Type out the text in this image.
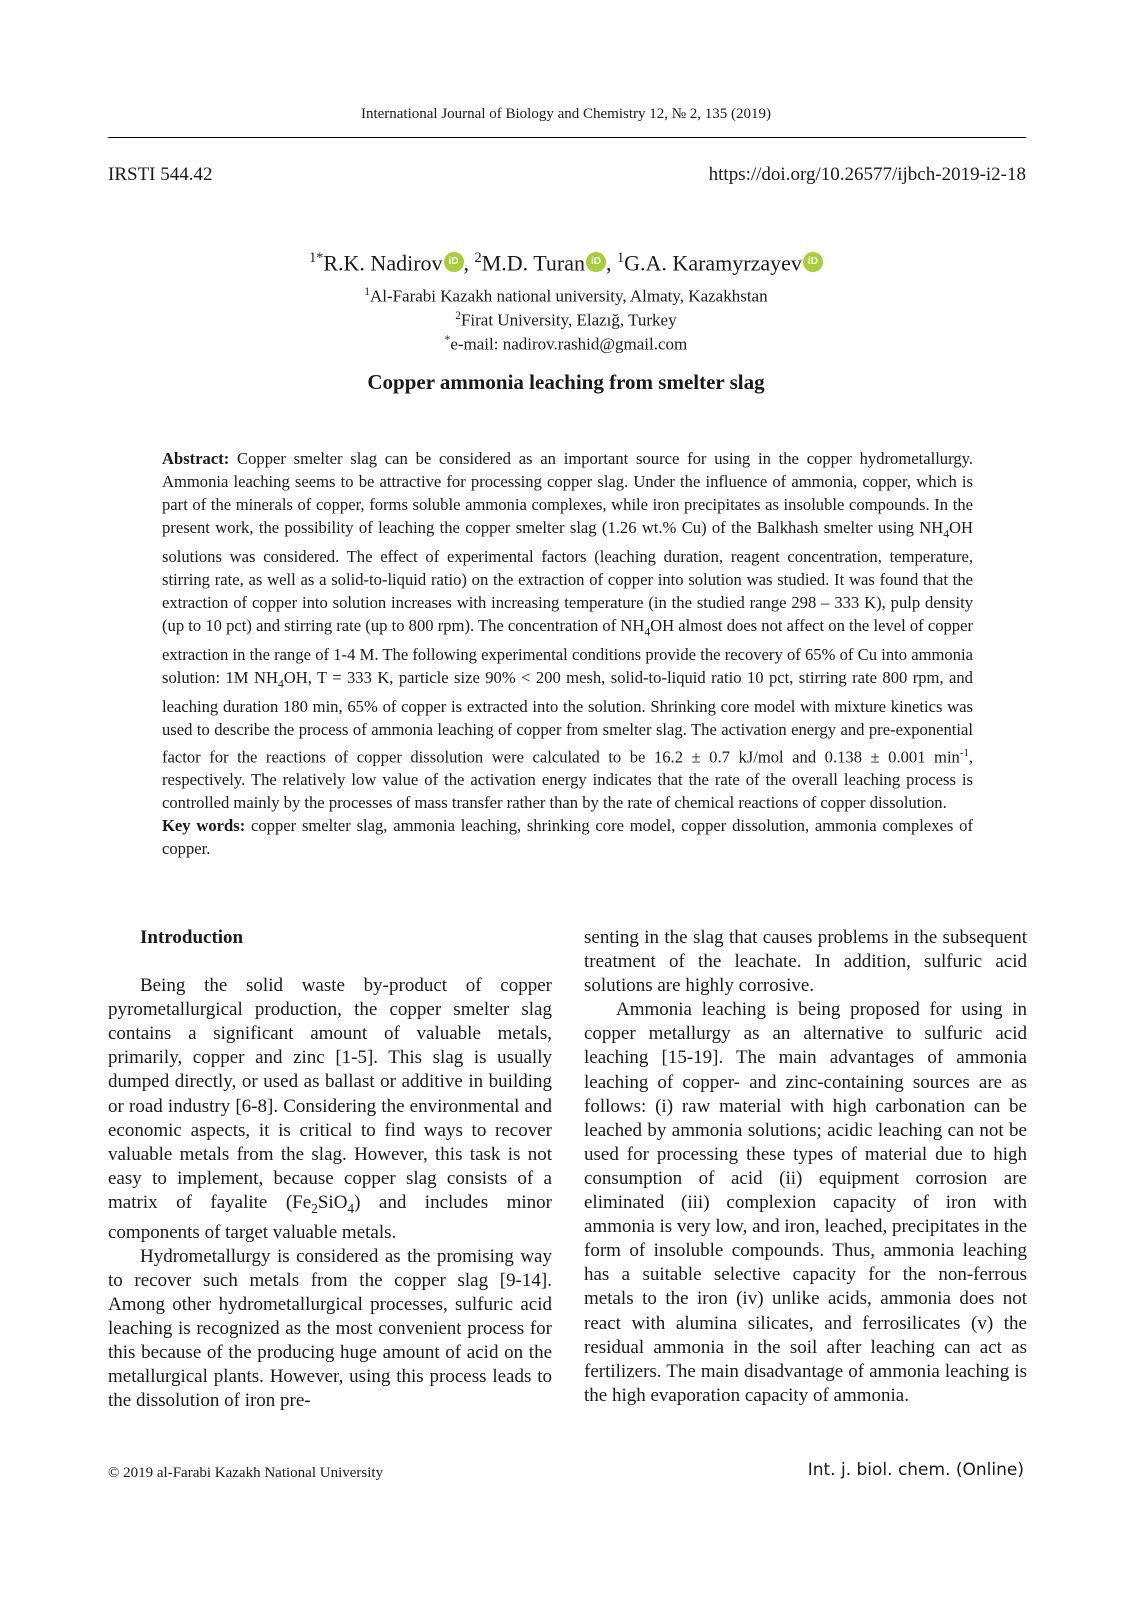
International Journal of Biology and Chemistry 12, № 2, 135 (2019)
IRSTI 544.42	https://doi.org/10.26577/ijbch-2019-i2-18
$^{1*}$R.K. Nadirov iD , $^2$M.D. Turan iD , $^1$G.A. Karamyrzayev iD
$^1$Al-Farabi Kazakh national university, Almaty, Kazakhstan
$^2$Firat University, Elazığ, Turkey
*e-mail: nadirov.rashid@gmail.com
Copper ammonia leaching from smelter slag

Abstract: Copper smelter slag can be considered as an important source for using in the copper hydrometallurgy. Ammonia leaching seems to be attractive for processing copper slag. Under the influence of ammonia, copper, which is part of the minerals of copper, forms soluble ammonia complexes, while iron precipitates as insoluble compounds. In the present work, the possibility of leaching the copper smelter slag (1.26 wt.% Cu) of the Balkhash smelter using $NH_4OH$ solutions was considered. The effect of experimental factors (leaching duration, reagent concentration, temperature, stirring rate, as well as a solid-to-liquid ratio) on the extraction of copper into solution was studied. It was found that the extraction of copper into solution increases with increasing temperature (in the studied range 298 – 333 K), pulp density (up to 10 pct) and stirring rate (up to 800 rpm). The concentration of $NH_4OH$ almost does not affect on the level of copper extraction in the range of 1-4 M. The following experimental conditions provide the recovery of 65% of Cu into ammonia solution: 1M $NH_4OH$, T = 333 K, particle size 90% < 200 mesh, solid-to-liquid ratio 10 pct, stirring rate 800 rpm, and leaching duration 180 min, 65% of copper is extracted into the solution. Shrinking core model with mixture kinetics was used to describe the process of ammonia leaching of copper from smelter slag. The activation energy and pre-exponential factor for the reactions of copper dissolution were calculated to be 16.2 ± 0.7 kJ/mol and 0.138 ± 0.001 $\min^{-1}$, respectively. The relatively low value of the activation energy indicates that the rate of the overall leaching process is controlled mainly by the processes of mass transfer rather than by the rate of chemical reactions of copper dissolution.

Key words: copper smelter slag, ammonia leaching, shrinking core model, copper dissolution, ammonia complexes of copper.

Introduction

Being the solid waste by-product of copper pyrometallurgical production, the copper smelter slag contains a significant amount of valuable metals, primarily, copper and zinc [1-5]. This slag is usually dumped directly, or used as ballast or additive in building or road industry [6-8]. Considering the environmental and economic aspects, it is critical to find ways to recover valuable metals from the slag. However, this task is not easy to implement, because copper slag consists of a matrix of fayalite $(Fe_2SiO_4)$ and includes minor components of target valuable metals.

Hydrometallurgy is considered as the promising way to recover such metals from the copper slag [9-14]. Among other hydrometallurgical processes, sulfuric acid leaching is recognized as the most convenient process for this because of the producing huge amount of acid on the metallurgical plants. However, using this process leads to the dissolution of iron pre-

senting in the slag that causes problems in the subsequent treatment of the leachate. In addition, sulfuric acid solutions are highly corrosive.

Ammonia leaching is being proposed for using in copper metallurgy as an alternative to sulfuric acid leaching [15-19]. The main advantages of ammonia leaching of copper- and zinc-containing sources are as follows: (i) raw material with high carbonation can be leached by ammonia solutions; acidic leaching can not be used for processing these types of material due to high consumption of acid (ii) equipment corrosion are eliminated (iii) complexion capacity of iron with ammonia is very low, and iron, leached, precipitates in the form of insoluble compounds. Thus, ammonia leaching has a suitable selective capacity for the non-ferrous metals to the iron (iv) unlike acids, ammonia does not react with alumina silicates, and ferrosilicates (v) the residual ammonia in the soil after leaching can act as fertilizers. The main disadvantage of ammonia leaching is the high evaporation capacity of ammonia.

© 2019 al-Farabi Kazakh National University	Int. j. biol. chem. (Online)
